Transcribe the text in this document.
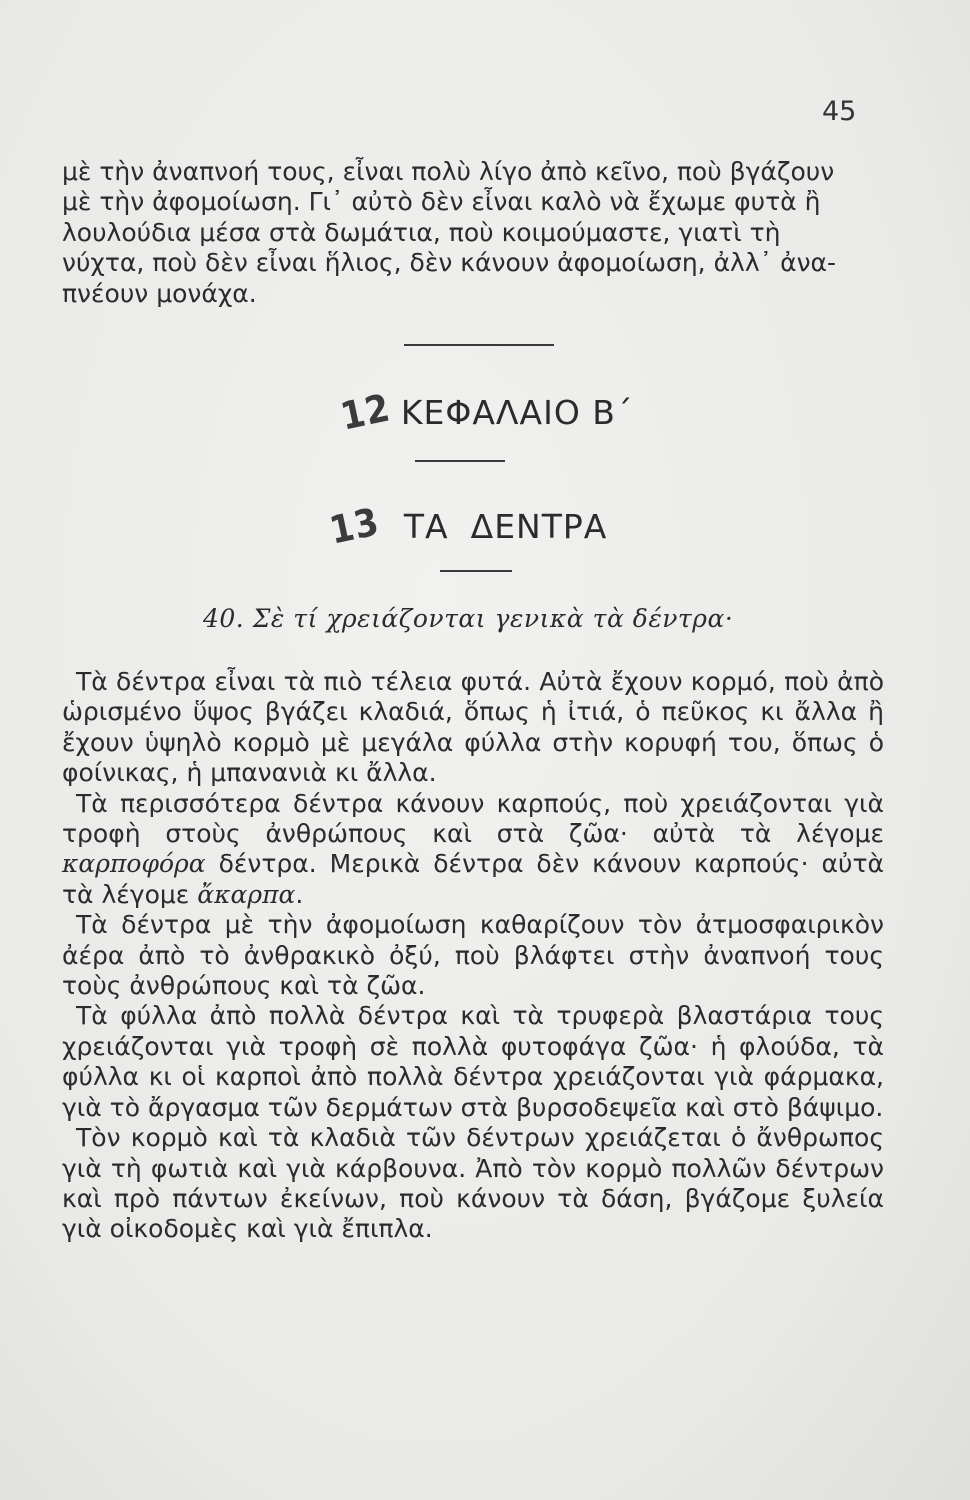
45

μὲ τὴν ἀναπνοή τους, εἶναι πολὺ λίγο ἀπὸ κεῖνο, ποὺ βγάζουν

μὲ τὴν ἀφομοίωση. Γι᾿ αὐτὸ δὲν εἶναι καλὸ νὰ ἔχωμε φυτὰ ἢ

λουλούδια μέσα στὰ δωμάτια, ποὺ κοιμούμαστε, γιατὶ τὴ

νύχτα, ποὺ δὲν εἶναι ἥλιος, δὲν κάνουν ἀφομοίωση, ἀλλ᾿ ἀνα-

πνέουν μονάχα.

12 ΚΕΦΑΛΑΙΟ Β΄
13 ΤΑ ΔΕΝΤΡΑ
40. Σὲ τί χρειάζονται γενικὰ τὰ δέντρα·

Τὰ δέντρα εἶναι τὰ πιὸ τέλεια φυτά. Αὐτὰ ἔχουν κορμό, ποὺ ἀπὸ ὡρισμένο ὕψος βγάζει κλαδιά, ὅπως ἡ ἰτιά, ὁ πεῦκος κι ἄλλα ἢ ἔχουν ὑψηλὸ κορμὸ μὲ μεγάλα φύλλα στὴν κορυφή του, ὅπως ὁ φοίνικας, ἡ μπανανιὰ κι ἄλλα.

Τὰ περισσότερα δέντρα κάνουν καρπούς, ποὺ χρειάζονται γιὰ τροφὴ στοὺς ἀνθρώπους καὶ στὰ ζῶα· αὐτὰ τὰ λέγομε καρποφόρα δέντρα. Μερικὰ δέντρα δὲν κάνουν καρπούς· αὐτὰ τὰ λέγομε ἄκαρπα.

Τὰ δέντρα μὲ τὴν ἀφομοίωση καθαρίζουν τὸν ἀτμοσφαιρικὸν ἀέρα ἀπὸ τὸ ἀνθρακικὸ ὀξύ, ποὺ βλάφτει στὴν ἀναπνοή τους τοὺς ἀνθρώπους καὶ τὰ ζῶα.

Τὰ φύλλα ἀπὸ πολλὰ δέντρα καὶ τὰ τρυφερὰ βλαστάρια τους χρειάζονται γιὰ τροφὴ σὲ πολλὰ φυτοφάγα ζῶα· ἡ φλούδα, τὰ φύλλα κι οἱ καρποὶ ἀπὸ πολλὰ δέντρα χρειάζονται γιὰ φάρμακα, γιὰ τὸ ἄργασμα τῶν δερμάτων στὰ βυρσοδεψεῖα καὶ στὸ βάψιμο.

Τὸν κορμὸ καὶ τὰ κλαδιὰ τῶν δέντρων χρειάζεται ὁ ἄνθρωπος γιὰ τὴ φωτιὰ καὶ γιὰ κάρβουνα. Ἀπὸ τὸν κορμὸ πολλῶν δέντρων καὶ πρὸ πάντων ἐκείνων, ποὺ κάνουν τὰ δάση, βγάζομε ξυλεία γιὰ οἰκοδομὲς καὶ γιὰ ἔπιπλα.
